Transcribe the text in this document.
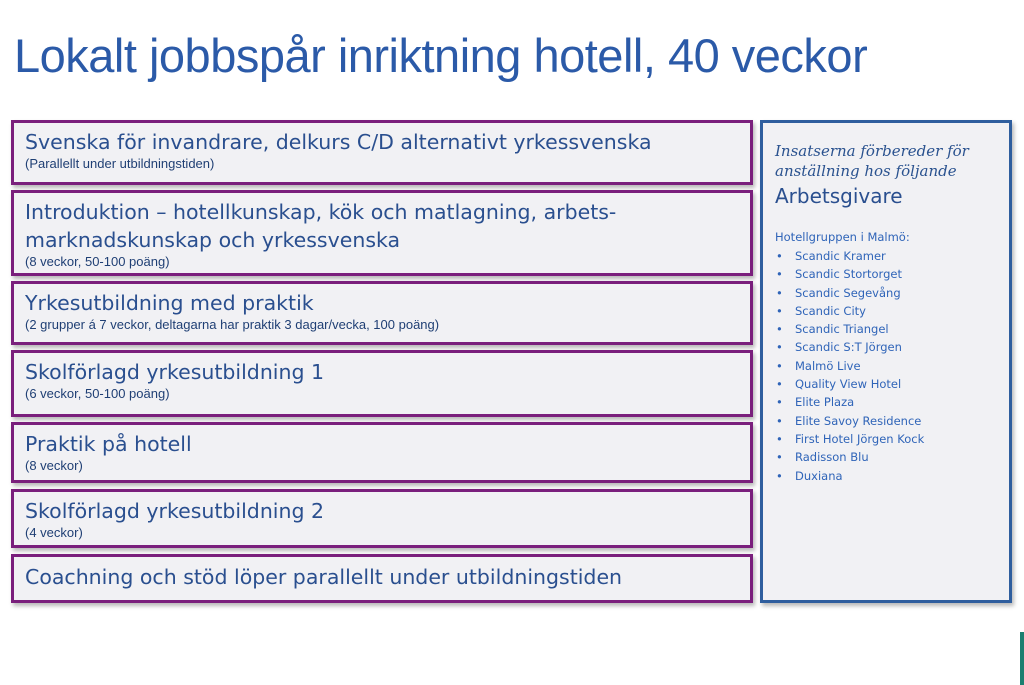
Lokalt jobbspår inriktning hotell, 40 veckor
Svenska för invandrare, delkurs C/D alternativt yrkessvenska
(Parallellt under utbildningstiden)
Introduktion – hotellkunskap, kök och matlagning, arbets-marknadskunskap och yrkessvenska
(8 veckor, 50-100 poäng)
Yrkesutbildning med praktik
(2 grupper á 7 veckor, deltagarna har praktik 3 dagar/vecka, 100 poäng)
Skolförlagd yrkesutbildning 1
(6 veckor, 50-100 poäng)
Praktik på hotell
(8 veckor)
Skolförlagd yrkesutbildning 2
(4 veckor)
Coachning och stöd löper parallellt under utbildningstiden
Insatserna förbereder för anställning hos följande
Arbetsgivare
Hotellgruppen i Malmö:
• Scandic Kramer
• Scandic Stortorget
• Scandic Segevång
• Scandic City
• Scandic Triangel
• Scandic S:T Jörgen
• Malmö Live
• Quality View Hotel
• Elite Plaza
• Elite Savoy Residence
• First Hotel Jörgen Kock
• Radisson Blu
• Duxiana
